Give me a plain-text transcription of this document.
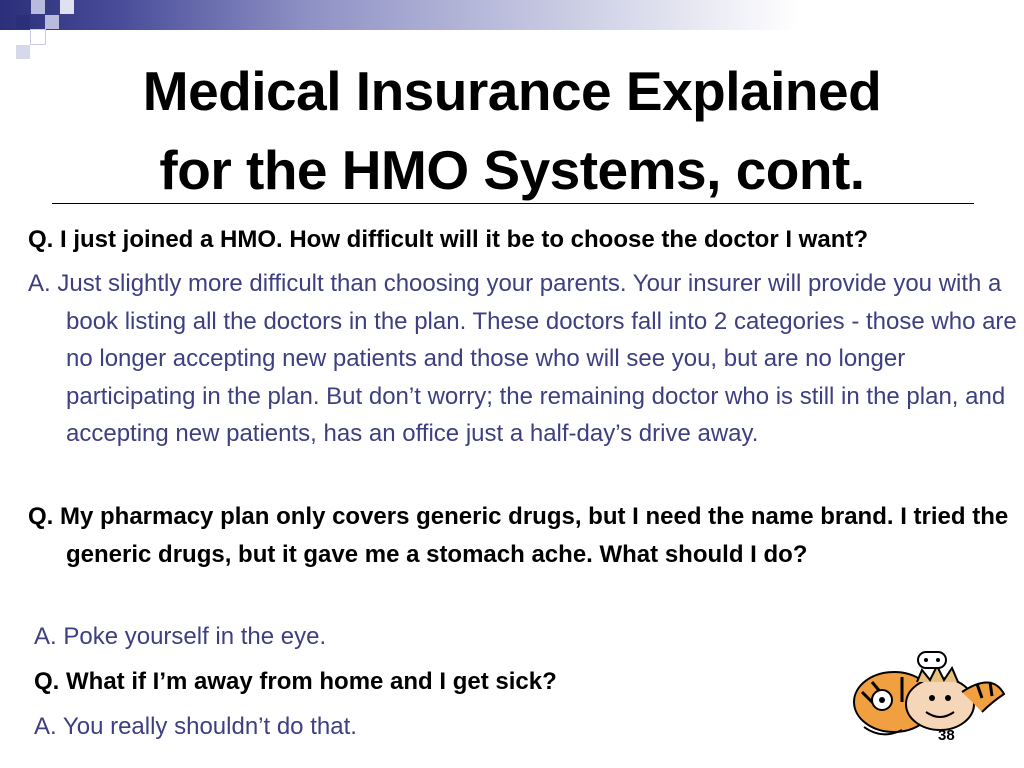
Medical Insurance Explained
for the HMO Systems, cont.
Q. I just joined a HMO. How difficult will it be to choose the doctor I want?
A. Just slightly more difficult than choosing your parents. Your insurer will provide you with a book listing all the doctors in the plan. These doctors fall into 2 categories - those who are no longer accepting new patients and those who will see you, but are no longer participating in the plan. But don’t worry; the remaining doctor who is still in the plan, and accepting new patients, has an office just a half-day’s drive away.
Q. My pharmacy plan only covers generic drugs, but I need the name brand. I tried the generic drugs, but it gave me a stomach ache. What should I do?
A. Poke yourself in the eye.
Q. What if I’m away from home and I get sick?
A. You really shouldn’t do that.	38
